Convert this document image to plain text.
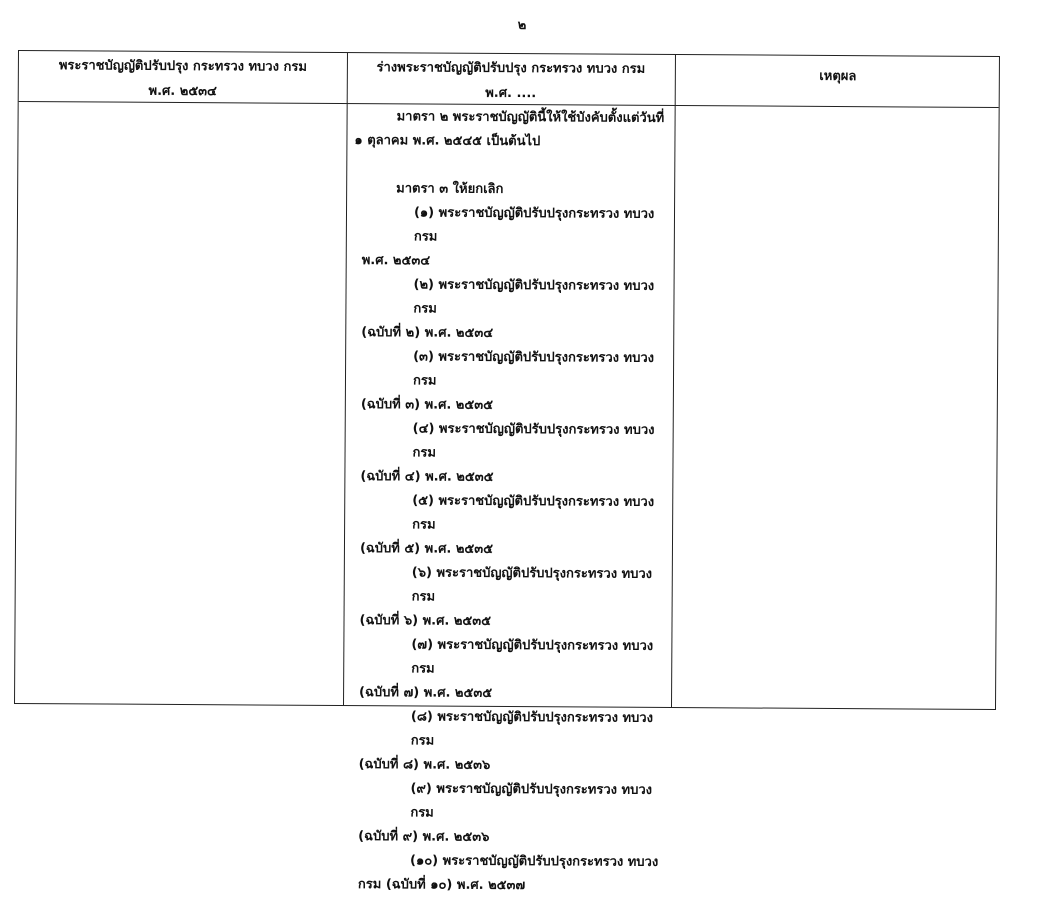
๒
พระราชบัญญัติปรับปรุง กระทรวง ทบวง กรม
พ.ศ. ๒๕๓๔
ร่างพระราชบัญญัติปรับปรุง กระทรวง ทบวง กรม
พ.ศ. ....
เหตุผล
มาตรา ๒ พระราชบัญญัตินี้ให้ใช้บังคับตั้งแต่วันที่
๑ ตุลาคม พ.ศ. ๒๕๔๕ เป็นต้นไป
มาตรา ๓ ให้ยกเลิก
(๑) พระราชบัญญัติปรับปรุงกระทรวง ทบวง กรม
พ.ศ. ๒๕๓๔
(๒) พระราชบัญญัติปรับปรุงกระทรวง ทบวง กรม
(ฉบับที่ ๒) พ.ศ. ๒๕๓๔
(๓) พระราชบัญญัติปรับปรุงกระทรวง ทบวง กรม
(ฉบับที่ ๓) พ.ศ. ๒๕๓๕
(๔) พระราชบัญญัติปรับปรุงกระทรวง ทบวง กรม
(ฉบับที่ ๔) พ.ศ. ๒๕๓๕
(๕) พระราชบัญญัติปรับปรุงกระทรวง ทบวง กรม
(ฉบับที่ ๕) พ.ศ. ๒๕๓๕
(๖) พระราชบัญญัติปรับปรุงกระทรวง ทบวง กรม
(ฉบับที่ ๖) พ.ศ. ๒๕๓๕
(๗) พระราชบัญญัติปรับปรุงกระทรวง ทบวง กรม
(ฉบับที่ ๗) พ.ศ. ๒๕๓๕
(๘) พระราชบัญญัติปรับปรุงกระทรวง ทบวง กรม
(ฉบับที่ ๘) พ.ศ. ๒๕๓๖
(๙) พระราชบัญญัติปรับปรุงกระทรวง ทบวง กรม
(ฉบับที่ ๙) พ.ศ. ๒๕๓๖
(๑๐) พระราชบัญญัติปรับปรุงกระทรวง ทบวง
กรม (ฉบับที่ ๑๐) พ.ศ. ๒๕๓๗
